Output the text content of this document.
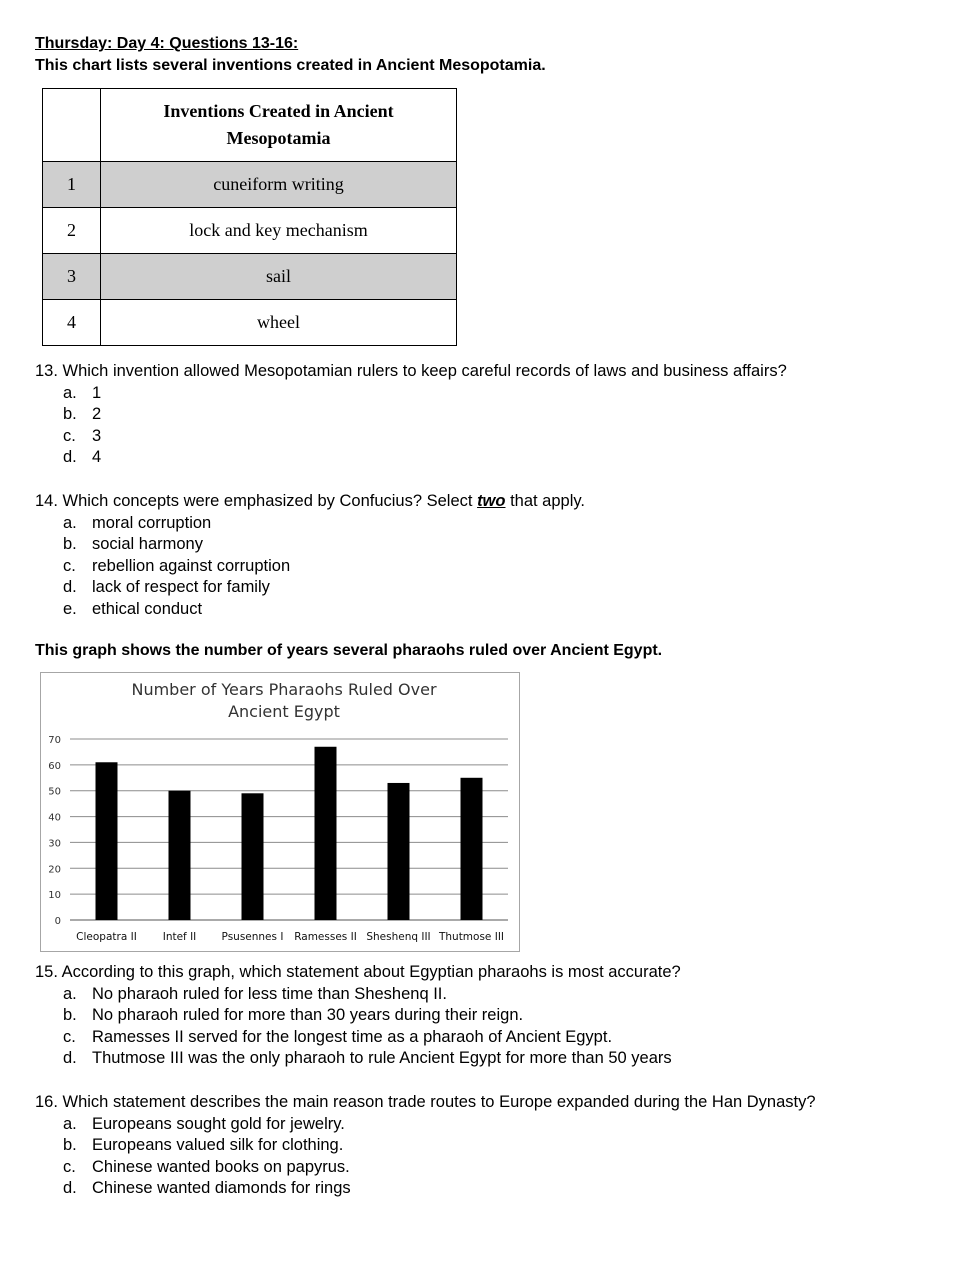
Thursday: Day 4: Questions 13-16:
This chart lists several inventions created in Ancient Mesopotamia.
	Inventions Created in Ancient
Mesopotamia
1	cuneiform writing
2	lock and key mechanism
3	sail
4	wheel
13. Which invention allowed Mesopotamian rulers to keep careful records of laws and business affairs?
a. 1
b. 2
c. 3
d. 4
14. Which concepts were emphasized by Confucius? Select two that apply.
a. moral corruption
b. social harmony
c. rebellion against corruption
d. lack of respect for family
e. ethical conduct
This graph shows the number of years several pharaohs ruled over Ancient Egypt.
Number of Years Pharaohs Ruled Over
Ancient Egypt
0
10
20
30
40
50
60
70
Cleopatra II Intef II Psusennes I Ramesses II Sheshenq III Thutmose III
15. According to this graph, which statement about Egyptian pharaohs is most accurate?
a. No pharaoh ruled for less time than Sheshenq II.
b. No pharaoh ruled for more than 30 years during their reign.
c. Ramesses II served for the longest time as a pharaoh of Ancient Egypt.
d. Thutmose III was the only pharaoh to rule Ancient Egypt for more than 50 years
16. Which statement describes the main reason trade routes to Europe expanded during the Han Dynasty?
a. Europeans sought gold for jewelry.
b. Europeans valued silk for clothing.
c. Chinese wanted books on papyrus.
d. Chinese wanted diamonds for rings
